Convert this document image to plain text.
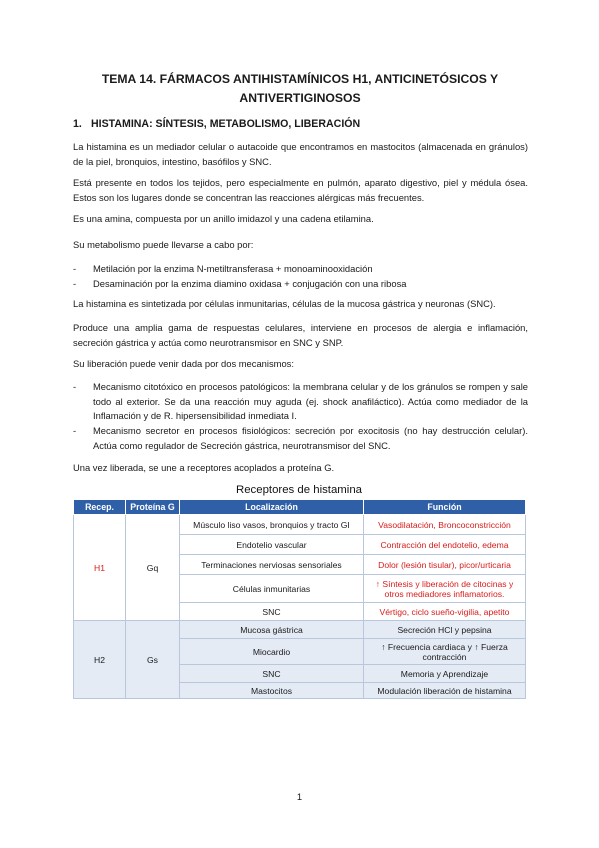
TEMA 14. FÁRMACOS ANTIHISTAMÍNICOS H1, ANTICINETÓSICOS Y
ANTIVERTIGINOSOS
1. HISTAMINA: SÍNTESIS, METABOLISMO, LIBERACIÓN

La histamina es un mediador celular o autacoide que encontramos en mastocitos (almacenada en gránulos) de la piel, bronquios, intestino, basófilos y SNC.

Está presente en todos los tejidos, pero especialmente en pulmón, aparato digestivo, piel y médula ósea. Estos son los lugares donde se concentran las reacciones alérgicas más frecuentes.

Es una amina, compuesta por un anillo imidazol y una cadena etilamina.

Su metabolismo puede llevarse a cabo por:

- Metilación por la enzima N-metiltransferasa + monoaminooxidación
- Desaminación por la enzima diamino oxidasa + conjugación con una ribosa

La histamina es sintetizada por células inmunitarias, células de la mucosa gástrica y neuronas (SNC).

Produce una amplia gama de respuestas celulares, interviene en procesos de alergia e inflamación, secreción gástrica y actúa como neurotransmisor en SNC y SNP.

Su liberación puede venir dada por dos mecanismos:

- Mecanismo citotóxico en procesos patológicos: la membrana celular y de los gránulos se rompen y sale todo al exterior. Se da una reacción muy aguda (ej. shock anafiláctico). Actúa como mediador de la Inflamación y de R. hipersensibilidad inmediata I.
- Mecanismo secretor en procesos fisiológicos: secreción por exocitosis (no hay destrucción celular). Actúa como regulador de Secreción gástrica, neurotransmisor del SNC.

Una vez liberada, se une a receptores acoplados a proteína G.

Receptores de histamina
Recep.	Proteína G	Localización	Función
H1	Gq	Músculo liso vasos, bronquios y tracto GI	Vasodilatación, Broncoconstricción
		Endotelio vascular	Contracción del endotelio, edema
		Terminaciones nerviosas sensoriales	Dolor (lesión tisular), picor/urticaria
		Células inmunitarias	↑ Síntesis y liberación de citocinas y otros mediadores inflamatorios.
		SNC	Vértigo, ciclo sueño-vigilia, apetito
H2	Gs	Mucosa gástrica	Secreción HCl y pepsina
		Miocardio	↑ Frecuencia cardiaca y ↑ Fuerza contracción
		SNC	Memoria y Aprendizaje
		Mastocitos	Modulación liberación de histamina
1
